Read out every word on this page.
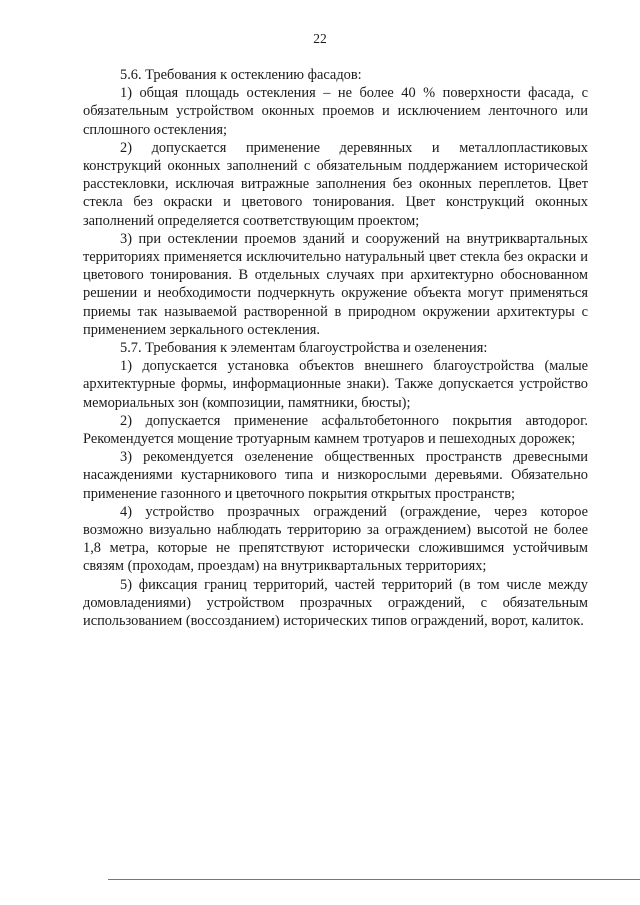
22

5.6. Требования к остеклению фасадов:

1) общая площадь остекления – не более 40 % поверхности фасада, с обязательным устройством оконных проемов и исключением ленточного или сплошного остекления;

2) допускается применение деревянных и металлопластиковых конструкций оконных заполнений с обязательным поддержанием исторической расстекловки, исключая витражные заполнения без оконных переплетов. Цвет стекла без окраски и цветового тонирования. Цвет конструкций оконных заполнений определяется соответствующим проектом;

3) при остеклении проемов зданий и сооружений на внутриквартальных территориях применяется исключительно натуральный цвет стекла без окраски и цветового тонирования. В отдельных случаях при архитектурно обоснованном решении и необходимости подчеркнуть окружение объекта могут применяться приемы так называемой растворенной в природном окружении архитектуры с применением зеркального остекления.

5.7. Требования к элементам благоустройства и озеленения:

1) допускается установка объектов внешнего благоустройства (малые архитектурные формы, информационные знаки). Также допускается устройство мемориальных зон (композиции, памятники, бюсты);

2) допускается применение асфальтобетонного покрытия автодорог. Рекомендуется мощение тротуарным камнем тротуаров и пешеходных дорожек;

3) рекомендуется озеленение общественных пространств древесными насаждениями кустарникового типа и низкорослыми деревьями. Обязательно применение газонного и цветочного покрытия открытых пространств;

4) устройство прозрачных ограждений (ограждение, через которое возможно визуально наблюдать территорию за ограждением) высотой не более 1,8 метра, которые не препятствуют исторически сложившимся устойчивым связям (проходам, проездам) на внутриквартальных территориях;

5) фиксация границ территорий, частей территорий (в том числе между домовладениями) устройством прозрачных ограждений, с обязательным использованием (воссозданием) исторических типов ограждений, ворот, калиток.
